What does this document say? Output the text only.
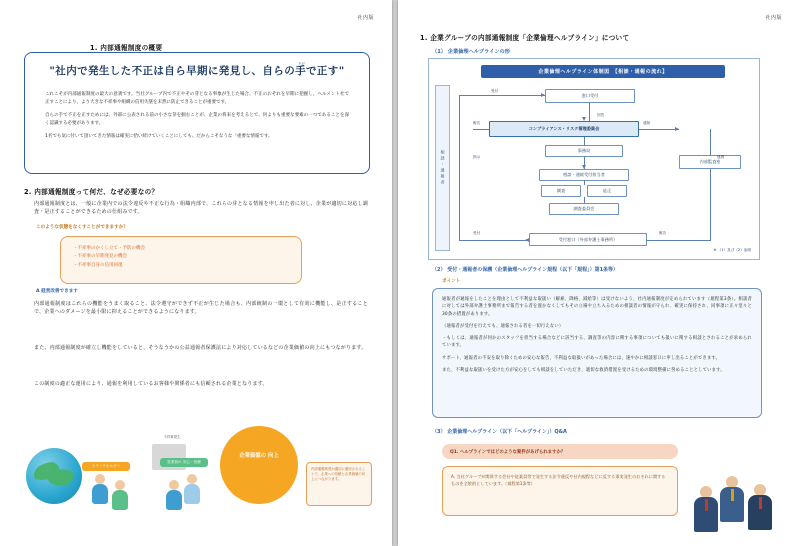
社内版
1. 内部通報制度の概要
"社内で発生した不正は自ら早期に発見し、自らの手で正す"
ただ

これこそが内部通報制度の最大の意義です。当社グループ内で不正やその芽となる事象が生じた場合、不正のおそれを早期に把握し、ヘルメント社で正すことにより、より大きな不祥事や組織の信用失墜を未然に防止できることが重要です。

自らの手で不正を正すためには、外部に公表される前の小さな芽を掴むことが、企業の将来を考えるとで、何よりも重要な要素の一つであることを深く認識する必要があります。

1名でも気に付いて頂いてきた情報は確実に拾い続けていくことにしても、だからこそなうな「重要な情報です。

2. 内部通報制度って何だ、なぜ必要なの？
内部通報制度とは、一般に企業内での法令違反や不正な行為・組織内部で、これらの芽となる情報を申し出た者に対し、企業が適切に対応し調査・是正することができるための仕組みです。
このような状態をなくすことができますか？
・不祥事のかくし立て・予防の機会
・不祥事の早期発見の機会
・不祥事自身の信用回復
A 経営改善できます
内部通報制度はこれらの機能をうまく取ること、法令遵守ができず不正が生じた場合も、内部統制の一環として有効に機能し、是正することで、企業へのダメージを最小限に抑えることができるようになります。
また、内部通報制度が確立し機能をしていると、そうなうかの公益通報者保護法により対応しているなどの企業価値の向上にもつながります。
この制度の適正な運用により、通報を利用しているお客様や関係者にも信頼される企業となります。
不祥事発生
ステークホルダー
従業員の 安心・信頼
企業価値の 向上
内部通報制度が適切に運用されることで、企業への信頼と企業価値の向上につながります。
社内版
1. 企業グループの内部通報制度「企業倫理ヘルプライン」について
（1） 企業倫理ヘルプラインの形
企業倫理ヘルプライン体制図　【相談・通報の流れ】
相談・通報者
窓口受付
コンプライアンス・リスク管理委員会
事務局
相談・通報受付担当者
調査	是正
調査委員会
内部監査室
受付窓口（外部弁護士事務所）
受付
報告
指示
通知
回答
連携
受付	報告
※ （1）及び（2）参照
（2） 受付・通報者の保護（企業倫理ヘルプライン規程（以下「規程」）第1条等）
ポイント

通報者が通報をしたことを理由として不利益な取扱い（解雇、降格、減給等）は受けないよう、社内通報制度が定められています（規程第3条）。相談者に対しては外部弁護士事務所まで報告する者を置かなくしてもその立場や立ち入るための相談者の情報が守られ、確実に保持され、同事項に正々堂々と30条の措置があります。

（通報者が受付を行えても、通報される者を一切行えない）

・もしくは、通報者が何かのスタッフを担当する場合などに該当する、調査等の内容に関する事項についても扱いに関する相談とされることが求められています。

サポート、通報者の不安を取り除くための安心な報告、不利益な取扱いがあった場合には、速やかに相談窓口に申し出ることができます。

また、不利益な取扱いを受けた方が安心をしても相談をしていただき、適切な救済措置を受けるための環境整備に努めることとしています。

（3） 企業倫理ヘルプライン（以下「ヘルプライン」）Q&A
Q1. ヘルプラインではどのような案件があげられますか？
A. 当社グループが関係する会社や従業員等で発生する法令違反や社内規程などに反する事実発生のおそれに関するものを全般的としています。（規程第1条等）
